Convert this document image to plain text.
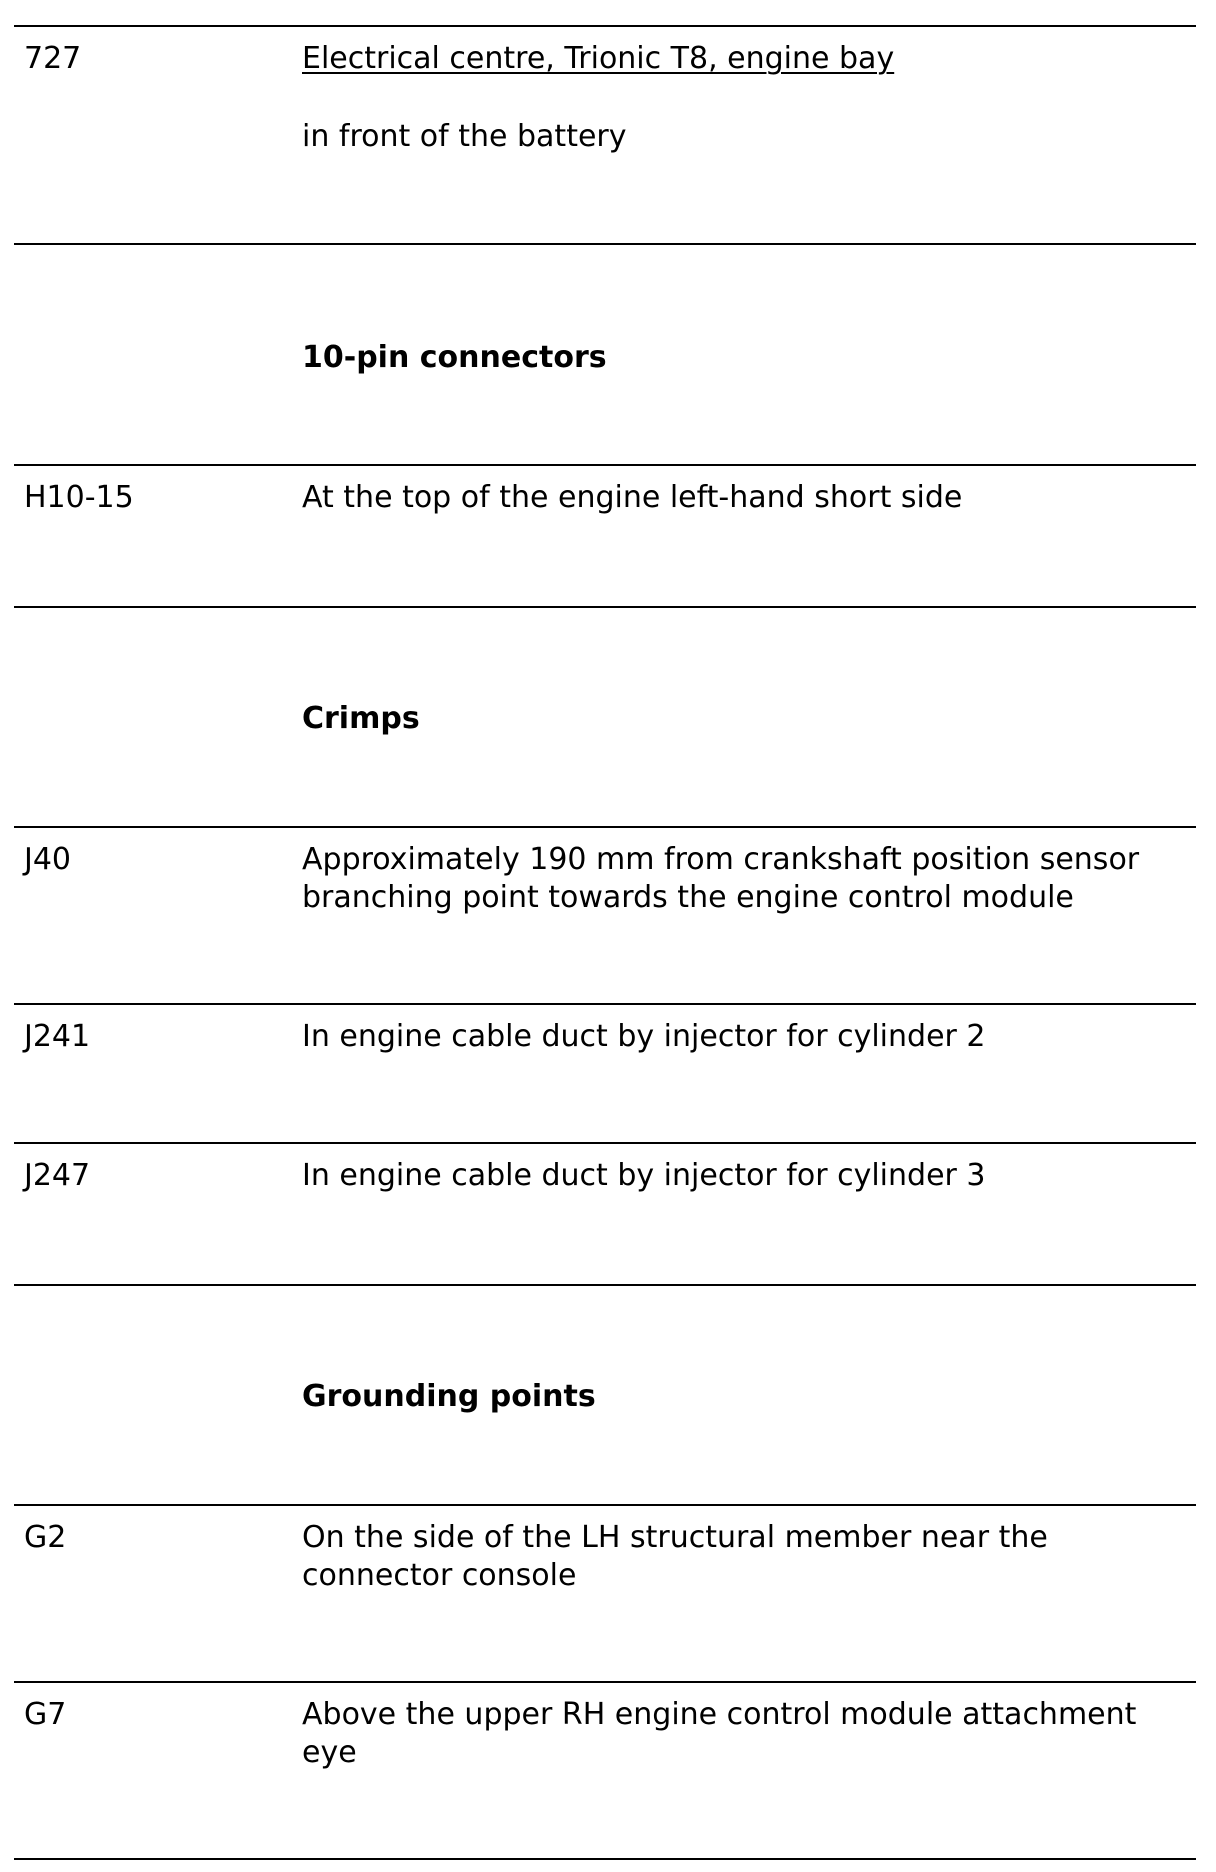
727	Electrical centre, Trionic T8, engine bay
in front of the battery
10-pin connectors
H10-15	At the top of the engine left-hand short side
Crimps
J40	Approximately 190 mm from crankshaft position sensor branching point towards the engine control module
J241	In engine cable duct by injector for cylinder 2
J247	In engine cable duct by injector for cylinder 3
Grounding points
G2	On the side of the LH structural member near the connector console
G7	Above the upper RH engine control module attachment eye
